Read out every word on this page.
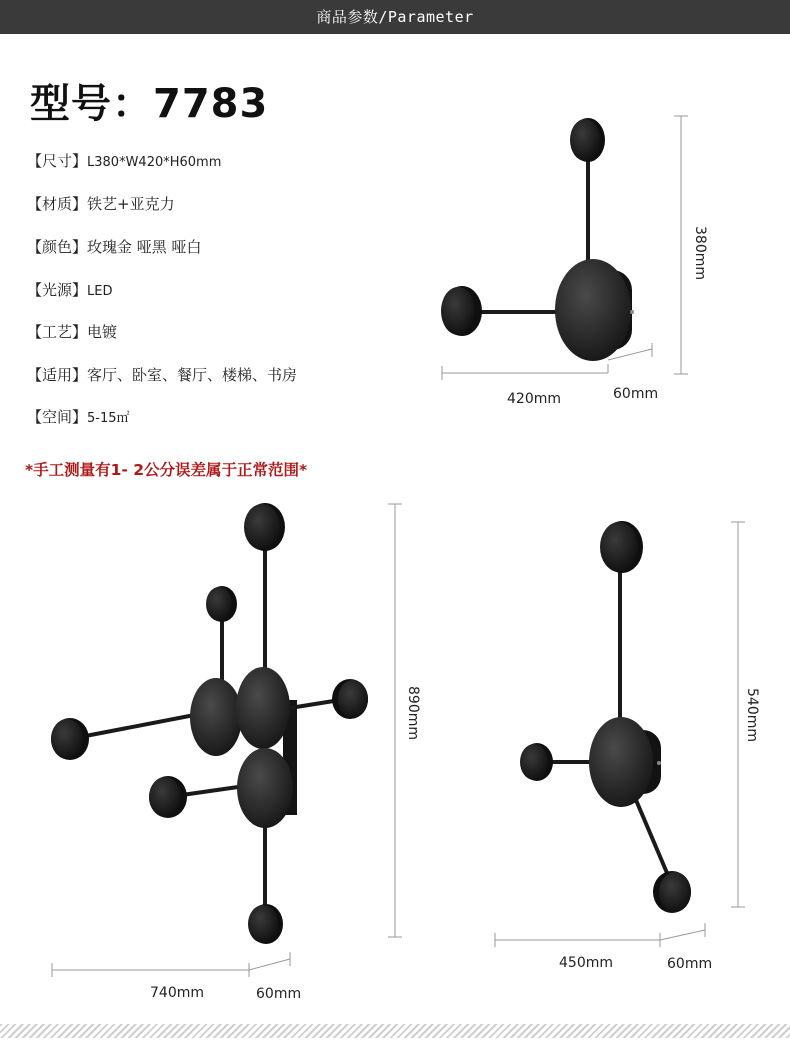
商品参数/Parameter
型号：7783
【尺寸】L380*W420*H60mm
【材质】铁艺+亚克力
【颜色】玫瑰金 哑黑 哑白
【光源】LED
【工艺】电镀
【适用】客厅、卧室、餐厅、楼梯、书房
【空间】5-15㎡
*手工测量有1- 2公分误差属于正常范围*
380mm
420mm	60mm
890mm
740mm	60mm
540mm
450mm	60mm
